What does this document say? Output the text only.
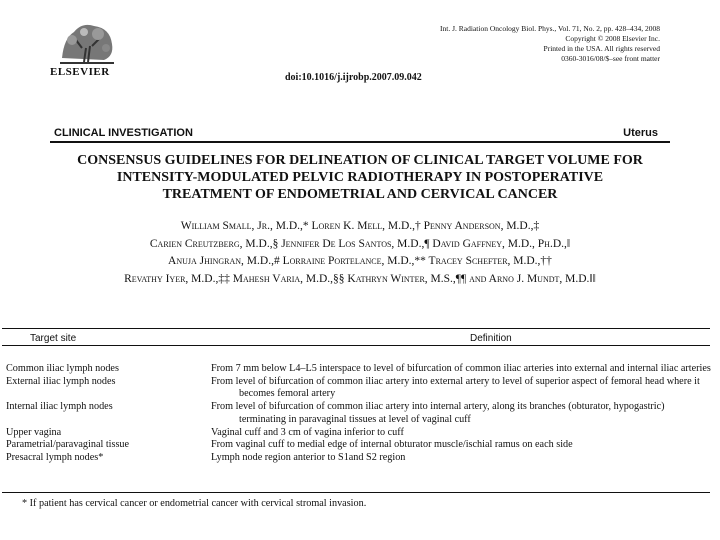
ELSEVIER	doi:10.1016/j.ijrobp.2007.09.042
Int. J. Radiation Oncology Biol. Phys., Vol. 71, No. 2, pp. 428–434, 2008
Copyright © 2008 Elsevier Inc.
Printed in the USA. All rights reserved
0360-3016/08/$–see front matter
CLINICAL INVESTIGATION	Uterus
CONSENSUS GUIDELINES FOR DELINEATION OF CLINICAL TARGET VOLUME FOR
INTENSITY-MODULATED PELVIC RADIOTHERAPY IN POSTOPERATIVE
TREATMENT OF ENDOMETRIAL AND CERVICAL CANCER
William Small, Jr., M.D.,* Loren K. Mell, M.D.,† Penny Anderson, M.D.,‡
Carien Creutzberg, M.D.,§ Jennifer De Los Santos, M.D.,¶ David Gaffney, M.D., Ph.D.,‖
Anuja Jhingran, M.D.,# Lorraine Portelance, M.D.,** Tracey Schefter, M.D.,††
Revathy Iyer, M.D.,‡‡ Mahesh Varia, M.D.,§§ Kathryn Winter, M.S.,¶¶ and Arno J. Mundt, M.D.‖‖
Target site	Definition
Common iliac lymph nodes	From 7 mm below L4–L5 interspace to level of bifurcation of common iliac arteries into external and internal iliac arteries
External iliac lymph nodes	From level of bifurcation of common iliac artery into external artery to level of superior aspect of femoral head where it becomes femoral artery
Internal iliac lymph nodes	From level of bifurcation of common iliac artery into internal artery, along its branches (obturator, hypogastric) terminating in paravaginal tissues at level of vaginal cuff
Upper vagina	Vaginal cuff and 3 cm of vagina inferior to cuff
Parametrial/paravaginal tissue	From vaginal cuff to medial edge of internal obturator muscle/ischial ramus on each side
Presacral lymph nodes*	Lymph node region anterior to S1and S2 region
* If patient has cervical cancer or endometrial cancer with cervical stromal invasion.
